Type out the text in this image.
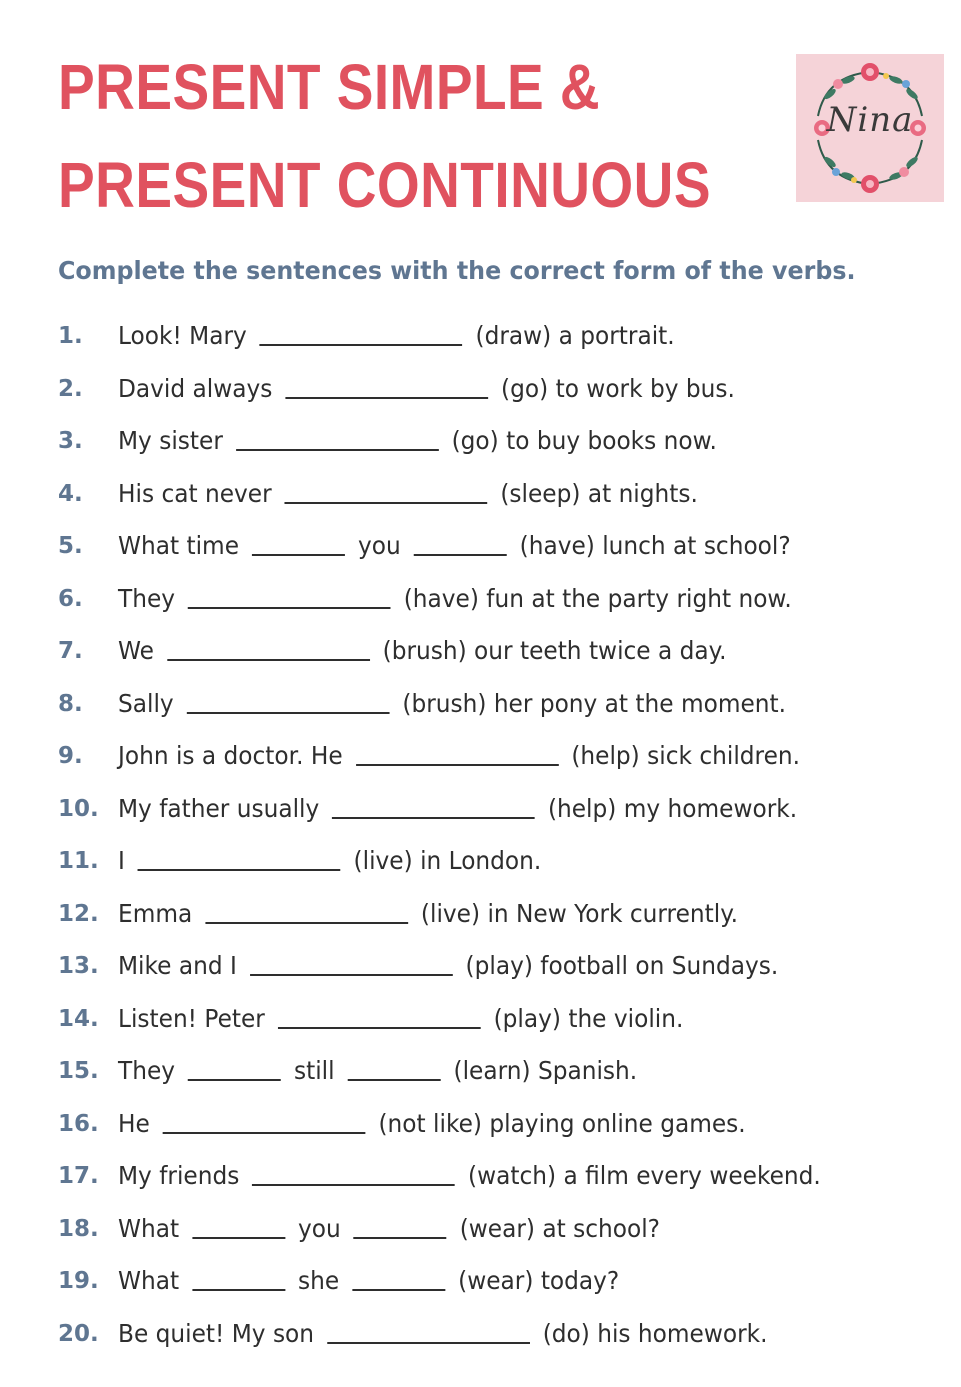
PRESENT SIMPLE &
PRESENT CONTINUOUS
Nina

Complete the sentences with the correct form of the verbs.

1.	Look! Mary	(draw) a portrait.
2.	David always	(go) to work by bus.
3.	My sister	(go) to buy books now.
4.	His cat never	(sleep) at nights.
5.	What time	you	(have) lunch at school?
6.	They	(have) fun at the party right now.
7.	We	(brush) our teeth twice a day.
8.	Sally	(brush) her pony at the moment.
9.	John is a doctor. He	(help) sick children.
10. My father usually	(help) my homework.
11. I	(live) in London.
12. Emma	(live) in New York currently.
13. Mike and I	(play) football on Sundays.
14. Listen! Peter	(play) the violin.
15. They	still	(learn) Spanish.
16. He	(not like) playing online games.
17. My friends	(watch) a film every weekend.
18. What	you	(wear) at school?
19. What	she	(wear) today?
20. Be quiet! My son	(do) his homework.
